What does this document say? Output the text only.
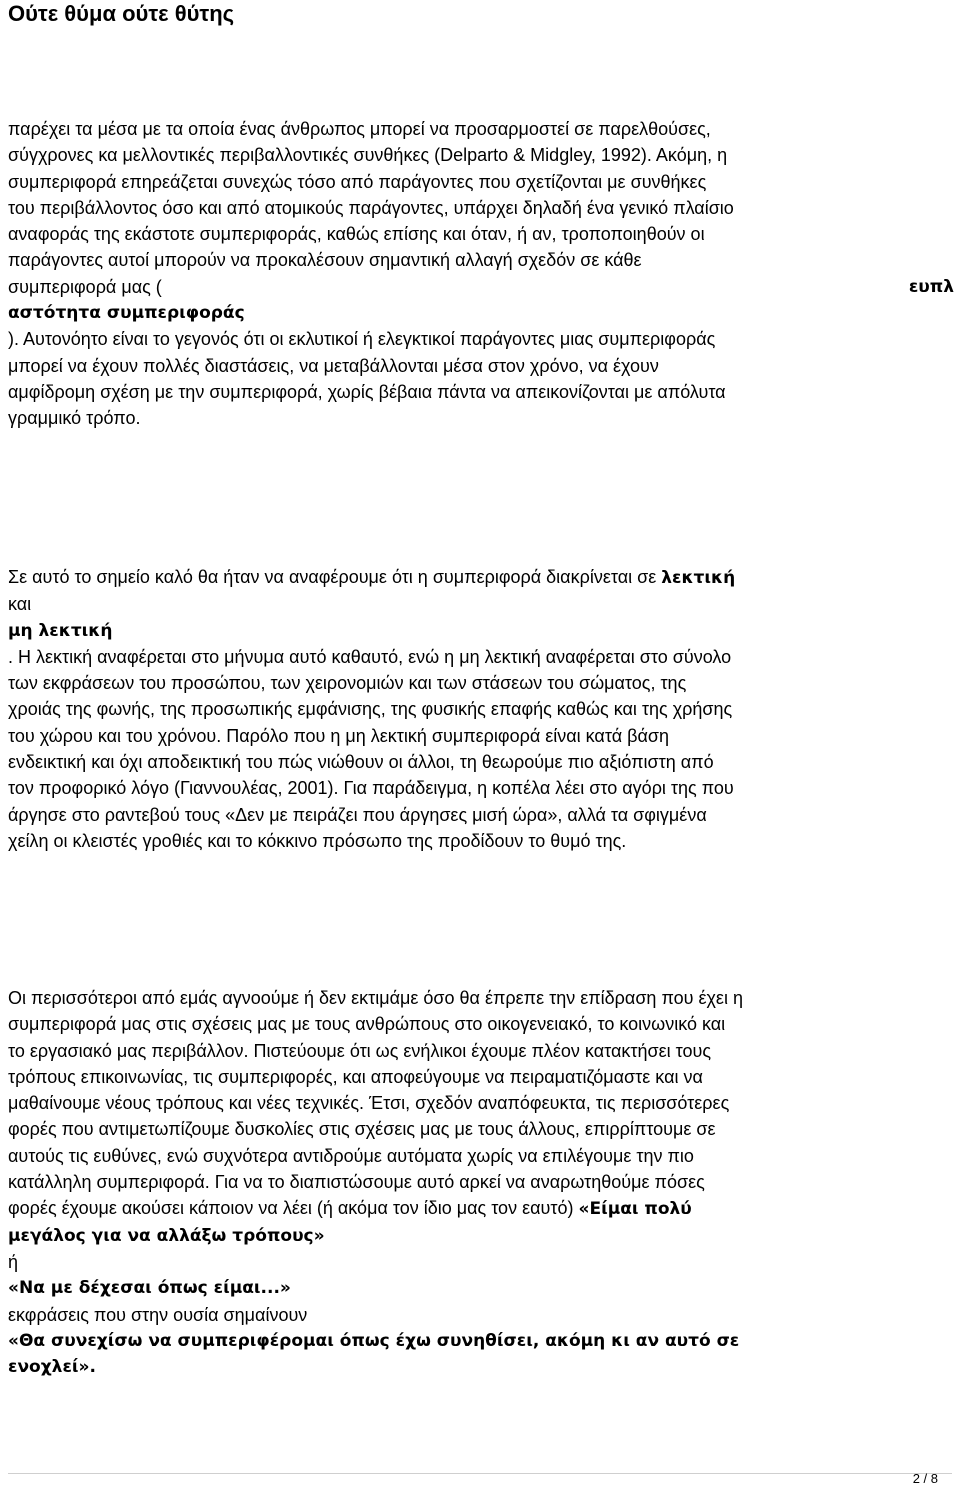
Ούτε θύμα ούτε θύτης
παρέχει τα μέσα με τα οποία ένας άνθρωπος μπορεί να προσαρμοστεί σε παρελθούσες,
σύγχρονες κα μελλοντικές περιβαλλοντικές συνθήκες (Delparto & Midgley, 1992). Ακόμη, η
συμπεριφορά επηρεάζεται συνεχώς τόσο από παράγοντες που σχετίζονται με συνθήκες
του περιβάλλοντος όσο και από ατομικούς παράγοντες, υπάρχει δηλαδή ένα γενικό πλαίσιο
αναφοράς της εκάστοτε συμπεριφοράς, καθώς επίσης και όταν, ή αν, τροποποιηθούν οι
παράγοντες αυτοί μπορούν να προκαλέσουν σημαντική αλλαγή σχεδόν σε κάθε
συμπεριφορά μας (	ευπλ
αστότητα συμπεριφοράς
). Αυτονόητο είναι το γεγονός ότι οι εκλυτικοί ή ελεγκτικοί παράγοντες μιας συμπεριφοράς
μπορεί να έχουν πολλές διαστάσεις, να μεταβάλλονται μέσα στον χρόνο, να έχουν
αμφίδρομη σχέση με την συμπεριφορά, χωρίς βέβαια πάντα να απεικονίζονται με απόλυτα
γραμμικό τρόπο.
Σε αυτό το σημείο καλό θα ήταν να αναφέρουμε ότι η συμπεριφορά διακρίνεται σε λεκτική
και
μη λεκτική
. Η λεκτική αναφέρεται στο μήνυμα αυτό καθαυτό, ενώ η μη λεκτική αναφέρεται στο σύνολο
των εκφράσεων του προσώπου, των χειρονομιών και των στάσεων του σώματος, της
χροιάς της φωνής, της προσωπικής εμφάνισης, της φυσικής επαφής καθώς και της χρήσης
του χώρου και του χρόνου. Παρόλο που η μη λεκτική συμπεριφορά είναι κατά βάση
ενδεικτική και όχι αποδεικτική του πώς νιώθουν οι άλλοι, τη θεωρούμε πιο αξιόπιστη από
τον προφορικό λόγο (Γιαννουλέας, 2001). Για παράδειγμα, η κοπέλα λέει στο αγόρι της που
άργησε στο ραντεβού τους «Δεν με πειράζει που άργησες μισή ώρα», αλλά τα σφιγμένα
χείλη οι κλειστές γροθιές και το κόκκινο πρόσωπο της προδίδουν το θυμό της.
Οι περισσότεροι από εμάς αγνοούμε ή δεν εκτιμάμε όσο θα έπρεπε την επίδραση που έχει η
συμπεριφορά μας στις σχέσεις μας με τους ανθρώπους στο οικογενειακό, το κοινωνικό και
το εργασιακό μας περιβάλλον. Πιστεύουμε ότι ως ενήλικοι έχουμε πλέον κατακτήσει τους
τρόπους επικοινωνίας, τις συμπεριφορές, και αποφεύγουμε να πειραματιζόμαστε και να
μαθαίνουμε νέους τρόπους και νέες τεχνικές. Έτσι, σχεδόν αναπόφευκτα, τις περισσότερες
φορές που αντιμετωπίζουμε δυσκολίες στις σχέσεις μας με τους άλλους, επιρρίπτουμε σε
αυτούς τις ευθύνες, ενώ συχνότερα αντιδρούμε αυτόματα χωρίς να επιλέγουμε την πιο
κατάλληλη συμπεριφορά. Για να το διαπιστώσουμε αυτό αρκεί να αναρωτηθούμε πόσες
φορές έχουμε ακούσει κάποιον να λέει (ή ακόμα τον ίδιο μας τον εαυτό) «Είμαι πολύ
μεγάλος για να αλλάξω τρόπους»
ή
«Να με δέχεσαι όπως είμαι...»
εκφράσεις που στην ουσία σημαίνουν
«Θα συνεχίσω να συμπεριφέρομαι όπως έχω συνηθίσει, ακόμη κι αν αυτό σε
ενοχλεί».
2 / 8
